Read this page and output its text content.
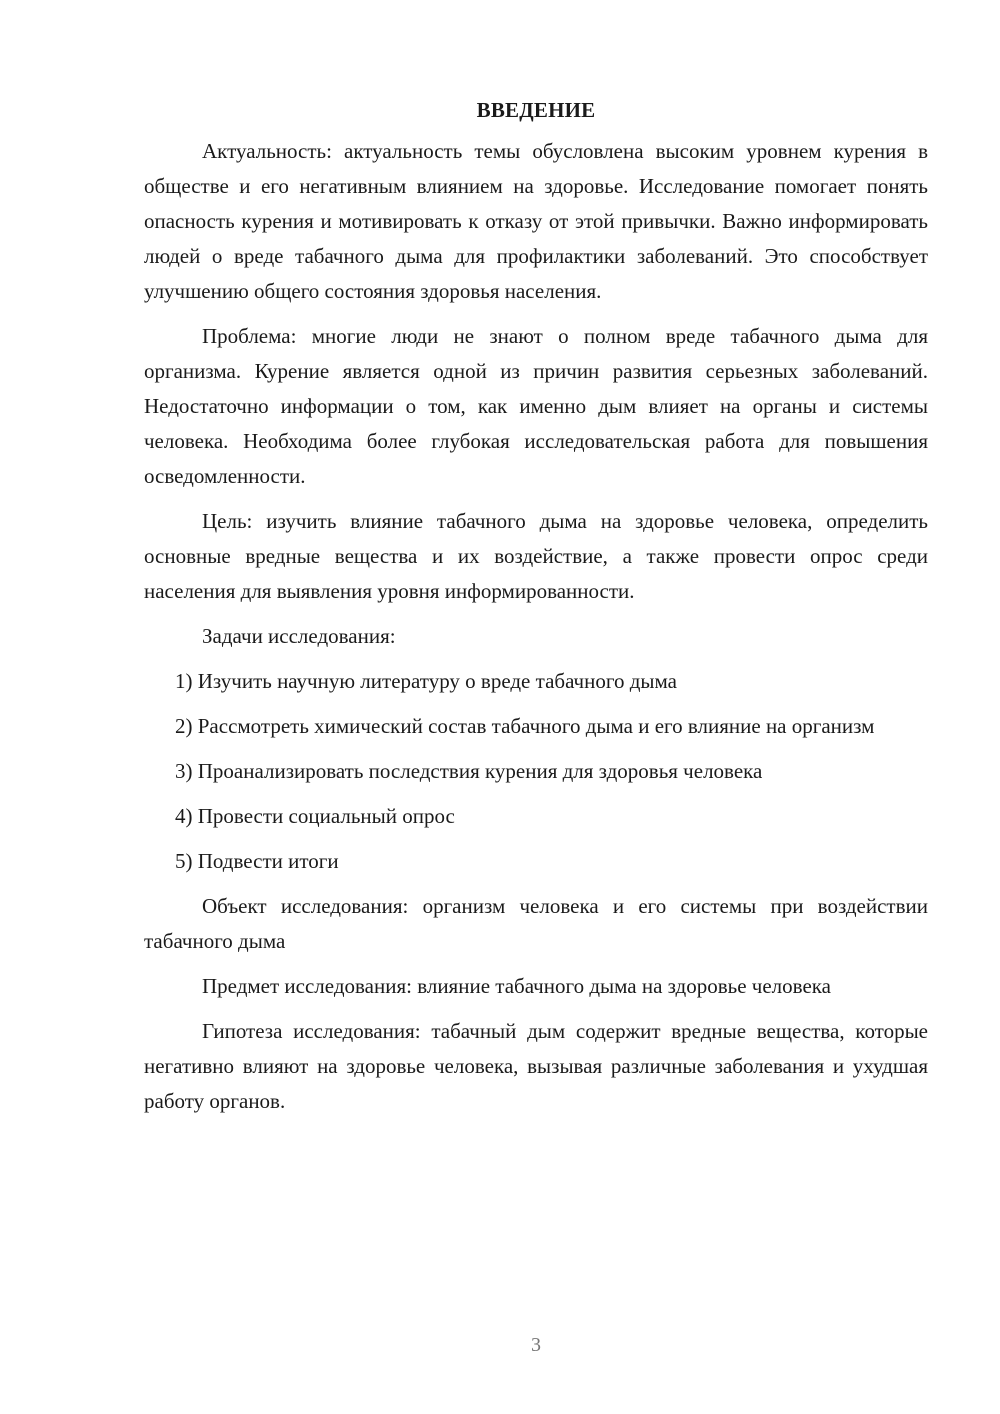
ВВЕДЕНИЕ

Актуальность: актуальность темы обусловлена высоким уровнем курения в обществе и его негативным влиянием на здоровье. Исследование помогает понять опасность курения и мотивировать к отказу от этой привычки. Важно информировать людей о вреде табачного дыма для профилактики заболеваний. Это способствует улучшению общего состояния здоровья населения.

Проблема: многие люди не знают о полном вреде табачного дыма для организма. Курение является одной из причин развития серьезных заболеваний. Недостаточно информации о том, как именно дым влияет на органы и системы человека. Необходима более глубокая исследовательская работа для повышения осведомленности.

Цель: изучить влияние табачного дыма на здоровье человека, определить основные вредные вещества и их воздействие, а также провести опрос среди населения для выявления уровня информированности.

Задачи исследования:

1) Изучить научную литературу о вреде табачного дыма

2) Рассмотреть химический состав табачного дыма и его влияние на организм

3) Проанализировать последствия курения для здоровья человека

4) Провести социальный опрос

5) Подвести итоги

Объект исследования: организм человека и его системы при воздействии табачного дыма

Предмет исследования: влияние табачного дыма на здоровье человека

Гипотеза исследования: табачный дым содержит вредные вещества, которые негативно влияют на здоровье человека, вызывая различные заболевания и ухудшая работу органов.

3
